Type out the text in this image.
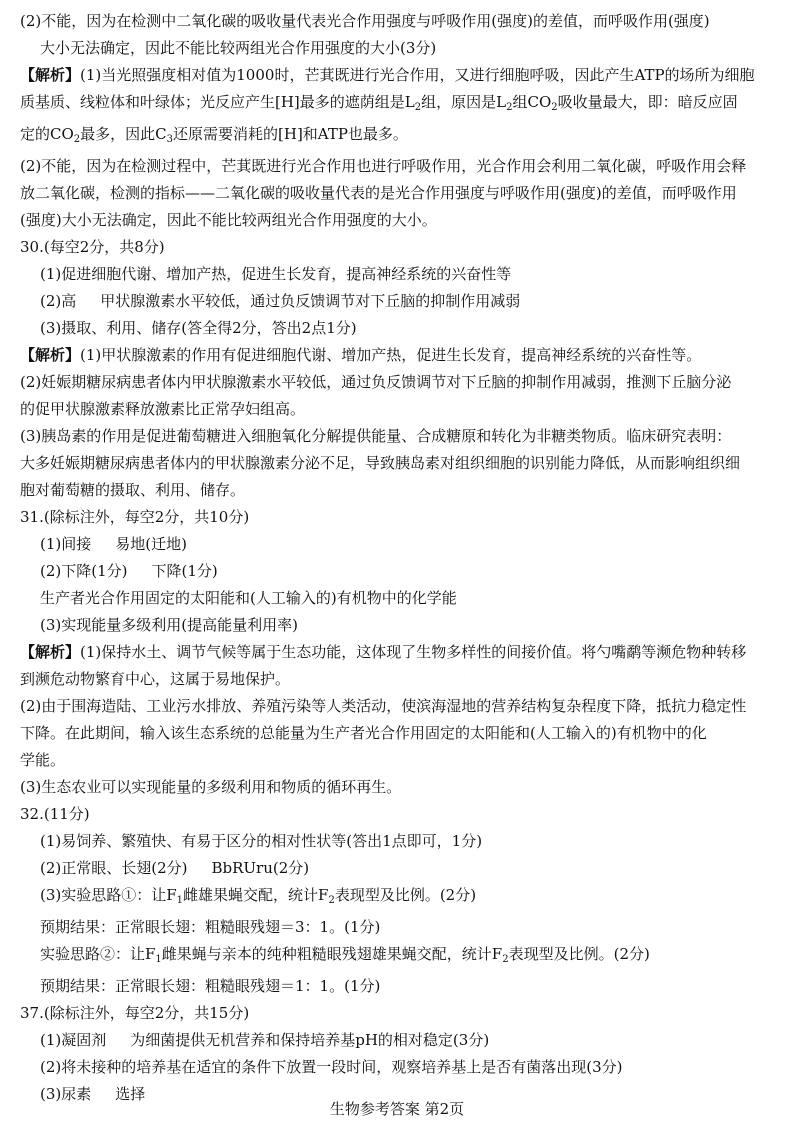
(2)不能，因为在检测中二氧化碳的吸收量代表光合作用强度与呼吸作用(强度)的差值，而呼吸作用(强度)

大小无法确定，因此不能比较两组光合作用强度的大小(3分)

【解析】(1)当光照强度相对值为1000时，芒萁既进行光合作用，又进行细胞呼吸，因此产生ATP的场所为细胞

质基质、线粒体和叶绿体；光反应产生[H]最多的遮荫组是$L_2$组，原因是$L_2$组$CO_2$吸收量最大，即：暗反应固

定的$CO_2$最多，因此$C_3$还原需要消耗的[H]和ATP也最多。

(2)不能，因为在检测过程中，芒萁既进行光合作用也进行呼吸作用，光合作用会利用二氧化碳，呼吸作用会释

放二氧化碳，检测的指标——二氧化碳的吸收量代表的是光合作用强度与呼吸作用(强度)的差值，而呼吸作用

(强度)大小无法确定，因此不能比较两组光合作用强度的大小。

30.(每空2分，共8分)

(1)促进细胞代谢、增加产热，促进生长发育，提高神经系统的兴奋性等

(2)高 甲状腺激素水平较低，通过负反馈调节对下丘脑的抑制作用减弱

(3)摄取、利用、储存(答全得2分，答出2点1分)

【解析】(1)甲状腺激素的作用有促进细胞代谢、增加产热，促进生长发育，提高神经系统的兴奋性等。

(2)妊娠期糖尿病患者体内甲状腺激素水平较低，通过负反馈调节对下丘脑的抑制作用减弱，推测下丘脑分泌

的促甲状腺激素释放激素比正常孕妇组高。

(3)胰岛素的作用是促进葡萄糖进入细胞氧化分解提供能量、合成糖原和转化为非糖类物质。临床研究表明：

大多妊娠期糖尿病患者体内的甲状腺激素分泌不足，导致胰岛素对组织细胞的识别能力降低，从而影响组织细

胞对葡萄糖的摄取、利用、储存。

31.(除标注外，每空2分，共10分)

(1)间接 易地(迁地)

(2)下降(1分) 下降(1分)

生产者光合作用固定的太阳能和(人工输入的)有机物中的化学能

(3)实现能量多级利用(提高能量利用率)

【解析】(1)保持水土、调节气候等属于生态功能，这体现了生物多样性的间接价值。将勺嘴鹬等濒危物种转移

到濒危动物繁育中心，这属于易地保护。

(2)由于围海造陆、工业污水排放、养殖污染等人类活动，使滨海湿地的营养结构复杂程度下降，抵抗力稳定性

下降。在此期间，输入该生态系统的总能量为生产者光合作用固定的太阳能和(人工输入的)有机物中的化

学能。

(3)生态农业可以实现能量的多级利用和物质的循环再生。

32.(11分)

(1)易饲养、繁殖快、有易于区分的相对性状等(答出1点即可，1分)

(2)正常眼、长翅(2分) BbRUru(2分)

(3)实验思路①：让$F_1$雌雄果蝇交配，统计$F_2$表现型及比例。(2分)

预期结果：正常眼长翅：粗糙眼残翅＝3：1。(1分)

实验思路②：让$F_1$雌果蝇与亲本的纯种粗糙眼残翅雄果蝇交配，统计$F_2$表现型及比例。(2分)

预期结果：正常眼长翅：粗糙眼残翅＝1：1。(1分)

37.(除标注外，每空2分，共15分)

(1)凝固剂 为细菌提供无机营养和保持培养基pH的相对稳定(3分)

(2)将未接种的培养基在适宜的条件下放置一段时间，观察培养基上是否有菌落出现(3分)

(3)尿素 选择

生物参考答案 第2页
